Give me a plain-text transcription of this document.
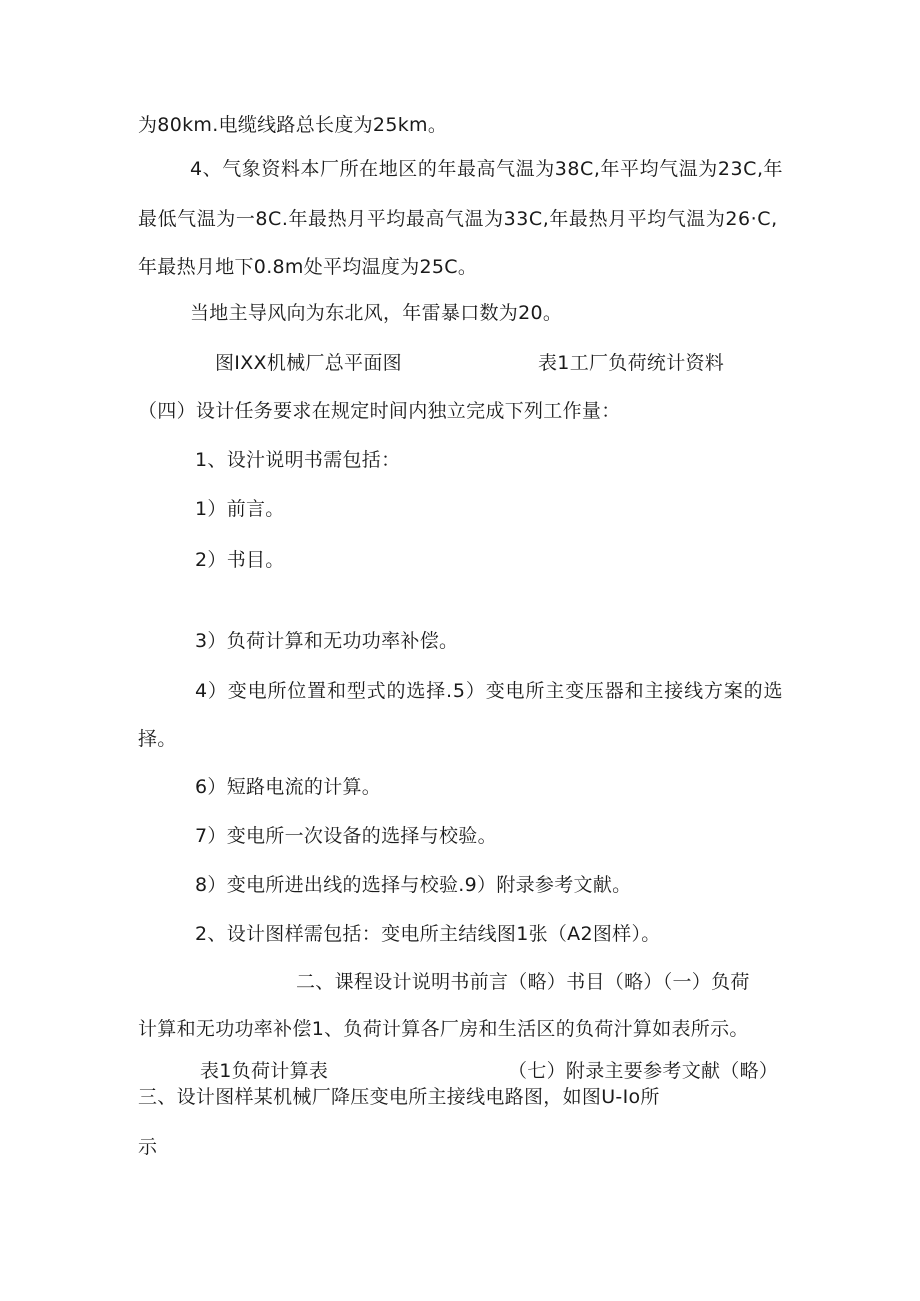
为80km.电缆线路总长度为25km。
4 、 气 象 资 料 本 厂 所 在 地 区 的 年 最 高 气 温 为 3 8 C , 年 平 均 气 温 为 2 3 C , 年
最 低 气 温 为 一 8 C . 年 最 热 月 平 均 最 高 气 温 为 3 3 C , 年 最 热 月 平 均 气 温 为 2 6 · C ,
年最热月地下0.8m处平均温度为25C。
当地主导风向为东北风，年雷暴口数为20。
图IXX机械厂总平面图	表1工厂负荷统计资料
（四）设计任务要求在规定时间内独立完成下列工作量：
1、设汁说明书需包括：
1）前言。
2）书目。
3）负荷计算和无功功率补偿。
4 ） 变 电 所 位 置 和 型 式 的 选 择 . 5 ） 变 电 所 主 变 压 器 和 主 接 线 方 案 的 选
择。
6）短路电流的计算。
7）变电所一次设备的选择与校验。
8）变电所进出线的选择与校验.9）附录参考文献。
2、设计图样需包括：变电所主结线图1张（A2图样）。
二、课程设计说明书前言（略）书目（略）（一）负荷
计算和无功功率补偿1、负荷计算各厂房和生活区的负荷汁算如表所示。
表1负荷计算表	（七）附录主要参考文献（略）
三、设计图样某机械厂降压变电所主接线电路图，如图U-Io所
示
